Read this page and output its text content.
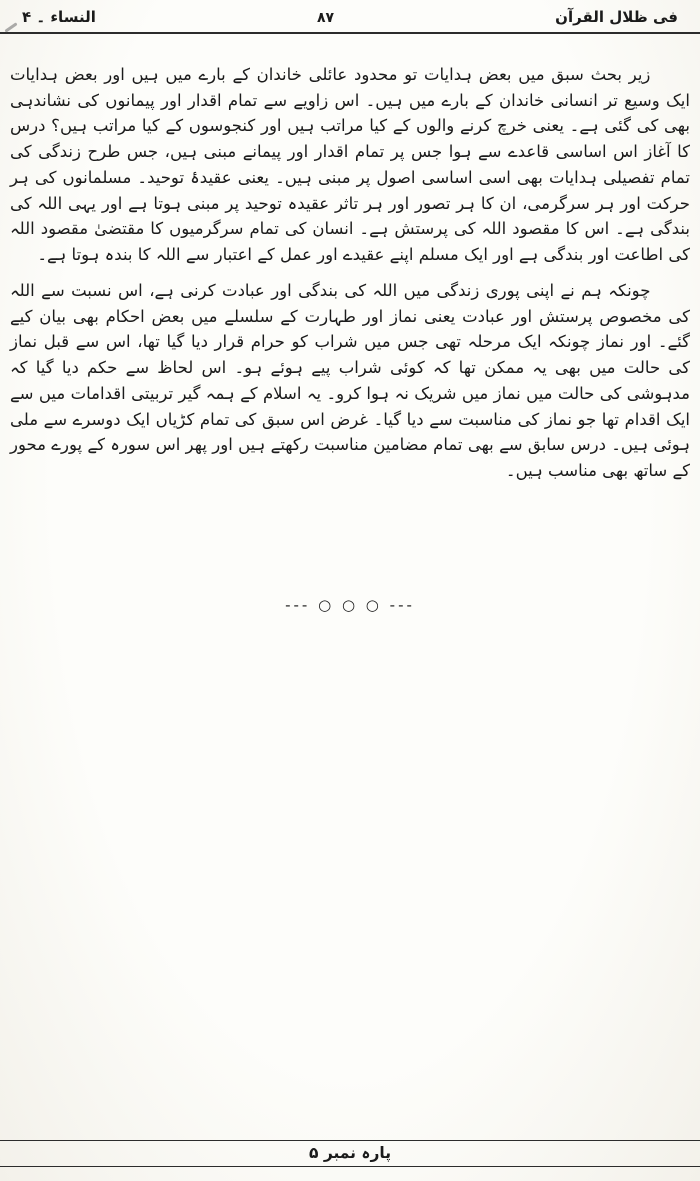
فی ظلال القرآن
۸۷
النساء ۔ ۴

زیر بحث سبق میں بعض ہدایات تو محدود عائلی خاندان کے بارے میں ہیں اور بعض ہدایات ایک وسیع تر انسانی خاندان کے بارے میں ہیں۔ اس زاویے سے تمام اقدار اور پیمانوں کی نشاندہی بھی کی گئی ہے۔ یعنی خرچ کرنے والوں کے کیا مراتب ہیں اور کنجوسوں کے کیا مراتب ہیں؟ درس کا آغاز اس اساسی قاعدے سے ہوا جس پر تمام اقدار اور پیمانے مبنی ہیں، جس طرح زندگی کی تمام تفصیلی ہدایات بھی اسی اساسی اصول پر مبنی ہیں۔ یعنی عقیدۂ توحید۔ مسلمانوں کی ہر حرکت اور ہر سرگرمی، ان کا ہر تصور اور ہر تاثر عقیدہ توحید پر مبنی ہوتا ہے اور یہی اللہ کی بندگی ہے۔ اس کا مقصود اللہ کی پرستش ہے۔ انسان کی تمام سرگرمیوں کا مقتضیٰ مقصود اللہ کی اطاعت اور بندگی ہے اور ایک مسلم اپنے عقیدے اور عمل کے اعتبار سے اللہ کا بندہ ہوتا ہے۔

چونکہ ہم نے اپنی پوری زندگی میں اللہ کی بندگی اور عبادت کرنی ہے، اس نسبت سے اللہ کی مخصوص پرستش اور عبادت یعنی نماز اور طہارت کے سلسلے میں بعض احکام بھی بیان کیے گئے۔ اور نماز چونکہ ایک مرحلہ تھی جس میں شراب کو حرام قرار دیا گیا تھا، اس سے قبل نماز کی حالت میں بھی یہ ممکن تھا کہ کوئی شراب پیے ہوئے ہو۔ اس لحاظ سے حکم دیا گیا کہ مدہوشی کی حالت میں نماز میں شریک نہ ہوا کرو۔ یہ اسلام کے ہمہ گیر تربیتی اقدامات میں سے ایک اقدام تھا جو نماز کی مناسبت سے دیا گیا۔ غرض اس سبق کی تمام کڑیاں ایک دوسرے سے ملی ہوئی ہیں۔ درس سابق سے بھی تمام مضامین مناسبت رکھتے ہیں اور پھر اس سورہ کے پورے محور کے ساتھ بھی مناسب ہیں۔

--- ○ ○ ○ ---
پارہ نمبر ۵
